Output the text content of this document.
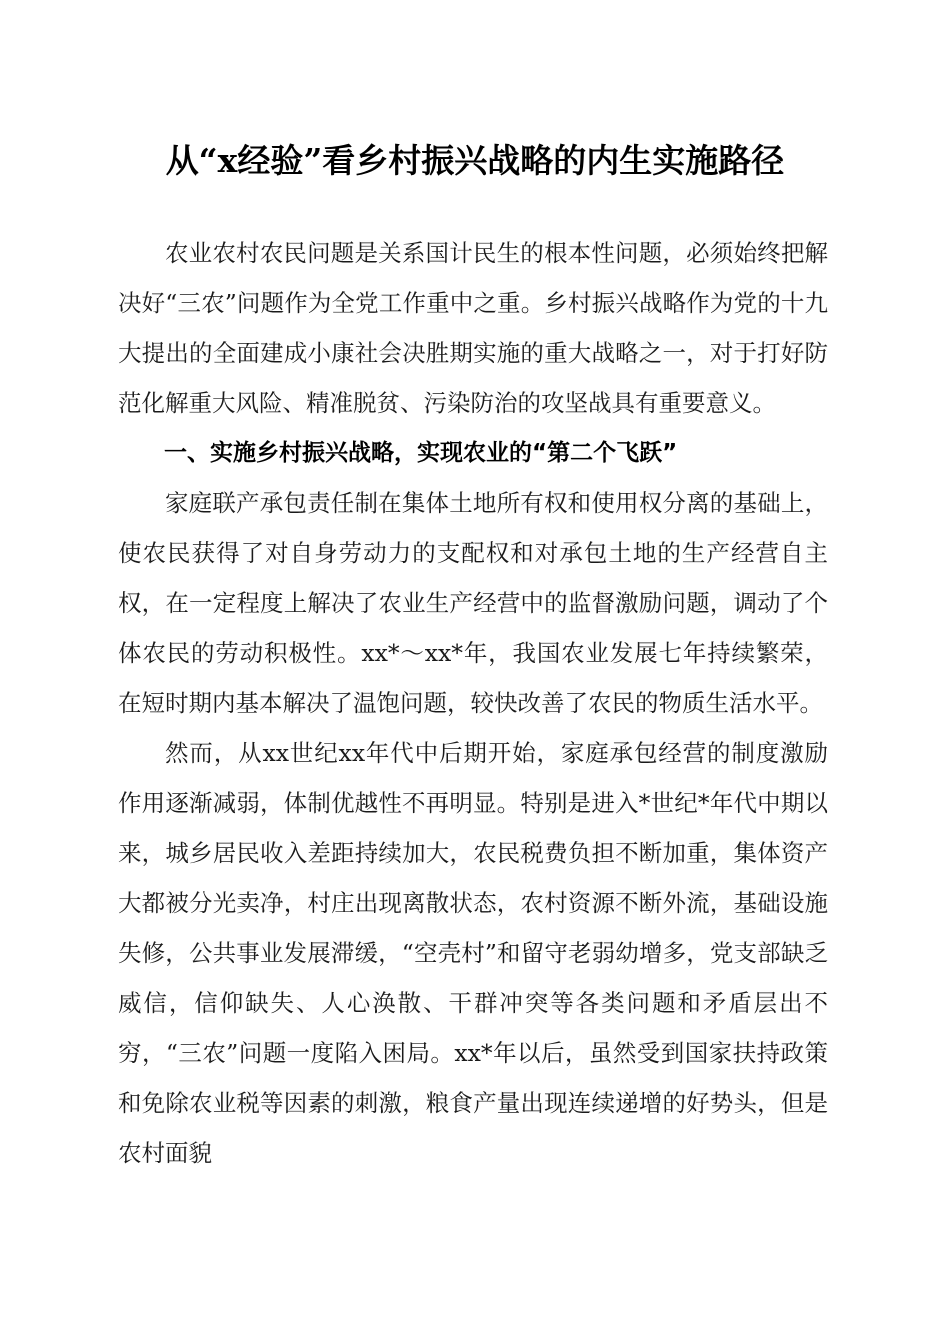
从“x经验”看乡村振兴战略的内生实施路径

农业农村农民问题是关系国计民生的根本性问题，必须始终把解决好“三农”问题作为全党工作重中之重。乡村振兴战略作为党的十九大提出的全面建成小康社会决胜期实施的重大战略之一，对于打好防范化解重大风险、精准脱贫、污染防治的攻坚战具有重要意义。

一、实施乡村振兴战略，实现农业的“第二个飞跃”

家庭联产承包责任制在集体土地所有权和使用权分离的基础上，使农民获得了对自身劳动力的支配权和对承包土地的生产经营自主权，在一定程度上解决了农业生产经营中的监督激励问题，调动了个体农民的劳动积极性。xx*～xx*年，我国农业发展七年持续繁荣，在短时期内基本解决了温饱问题，较快改善了农民的物质生活水平。

然而，从xx世纪xx年代中后期开始，家庭承包经营的制度激励作用逐渐减弱，体制优越性不再明显。特别是进入*世纪*年代中期以来，城乡居民收入差距持续加大，农民税费负担不断加重，集体资产大都被分光卖净，村庄出现离散状态，农村资源不断外流，基础设施失修，公共事业发展滞缓，“空壳村”和留守老弱幼增多，党支部缺乏威信，信仰缺失、人心涣散、干群冲突等各类问题和矛盾层出不穷，“三农”问题一度陷入困局。xx*年以后，虽然受到国家扶持政策和免除农业税等因素的刺激，粮食产量出现连续递增的好势头，但是农村面貌
